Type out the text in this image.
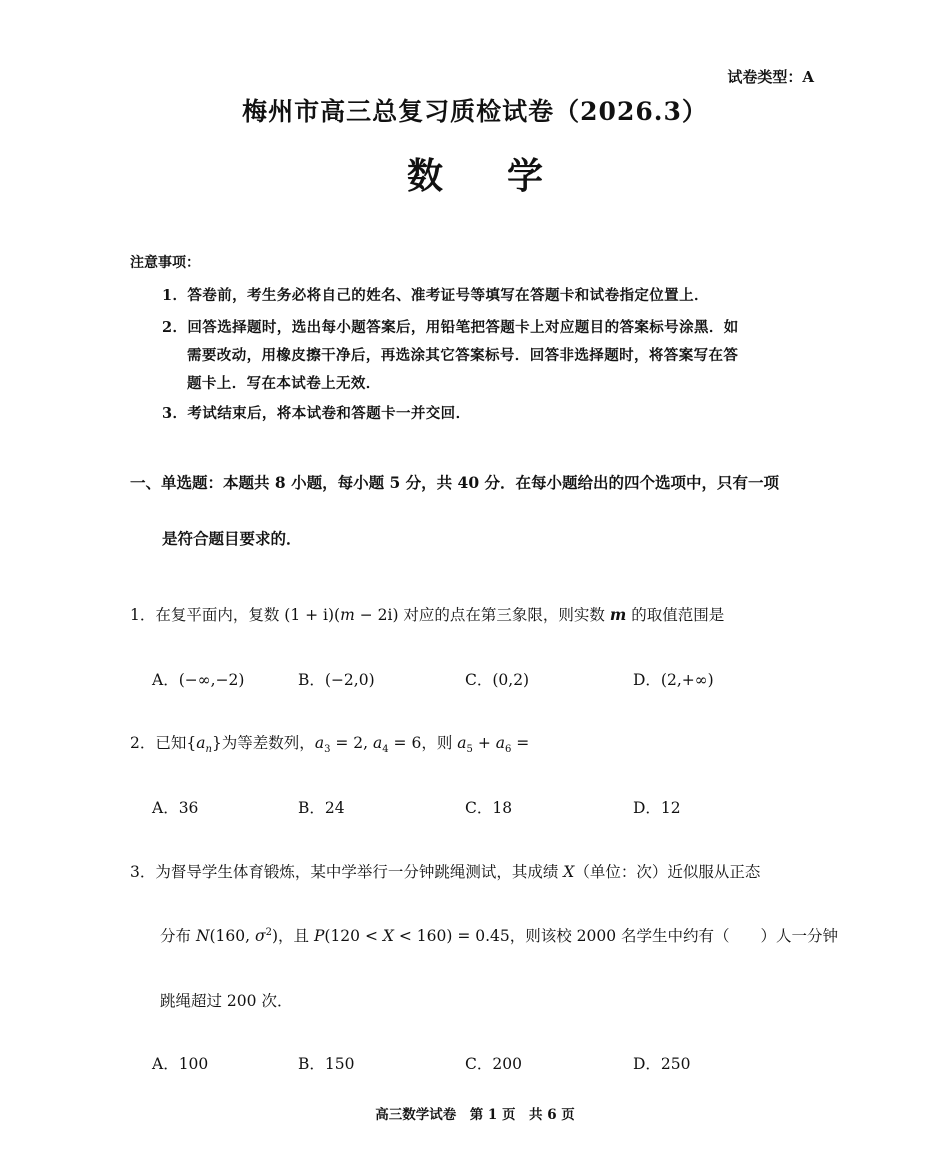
试卷类型：A
梅州市高三总复习质检试卷（2026.3）
数学
注意事项：
1．答卷前，考生务必将自己的姓名、准考证号等填写在答题卡和试卷指定位置上．
2．回答选择题时，选出每小题答案后，用铅笔把答题卡上对应题目的答案标号涂黑．如
需要改动，用橡皮擦干净后，再选涂其它答案标号．回答非选择题时，将答案写在答
题卡上．写在本试卷上无效．
3．考试结束后，将本试卷和答题卡一并交回．
一、单选题：本题共 8 小题，每小题 5 分，共 40 分．在每小题给出的四个选项中，只有一项
是符合题目要求的．
1．在复平面内，复数 (1 + i)(m − 2i) 对应的点在第三象限，则实数 m 的取值范围是
A．(−∞,−2)	B．(−2,0)	C．(0,2)	D．(2,+∞)
2．已知$\{a_n\}$为等差数列，$a_3 = 2$, $a_4 = 6$，则 $a_5 + a_6$ =
A．36	B．24	C．18	D．12
3．为督导学生体育锻炼，某中学举行一分钟跳绳测试，其成绩 X（单位：次）近似服从正态
分布 N(160, $\sigma^2$)，且 P(120 < X < 160) = 0.45，则该校 2000 名学生中约有（　　）人一分钟
跳绳超过 200 次．
A．100	B．150	C．200	D．250
高三数学试卷　第 1 页　共 6 页
